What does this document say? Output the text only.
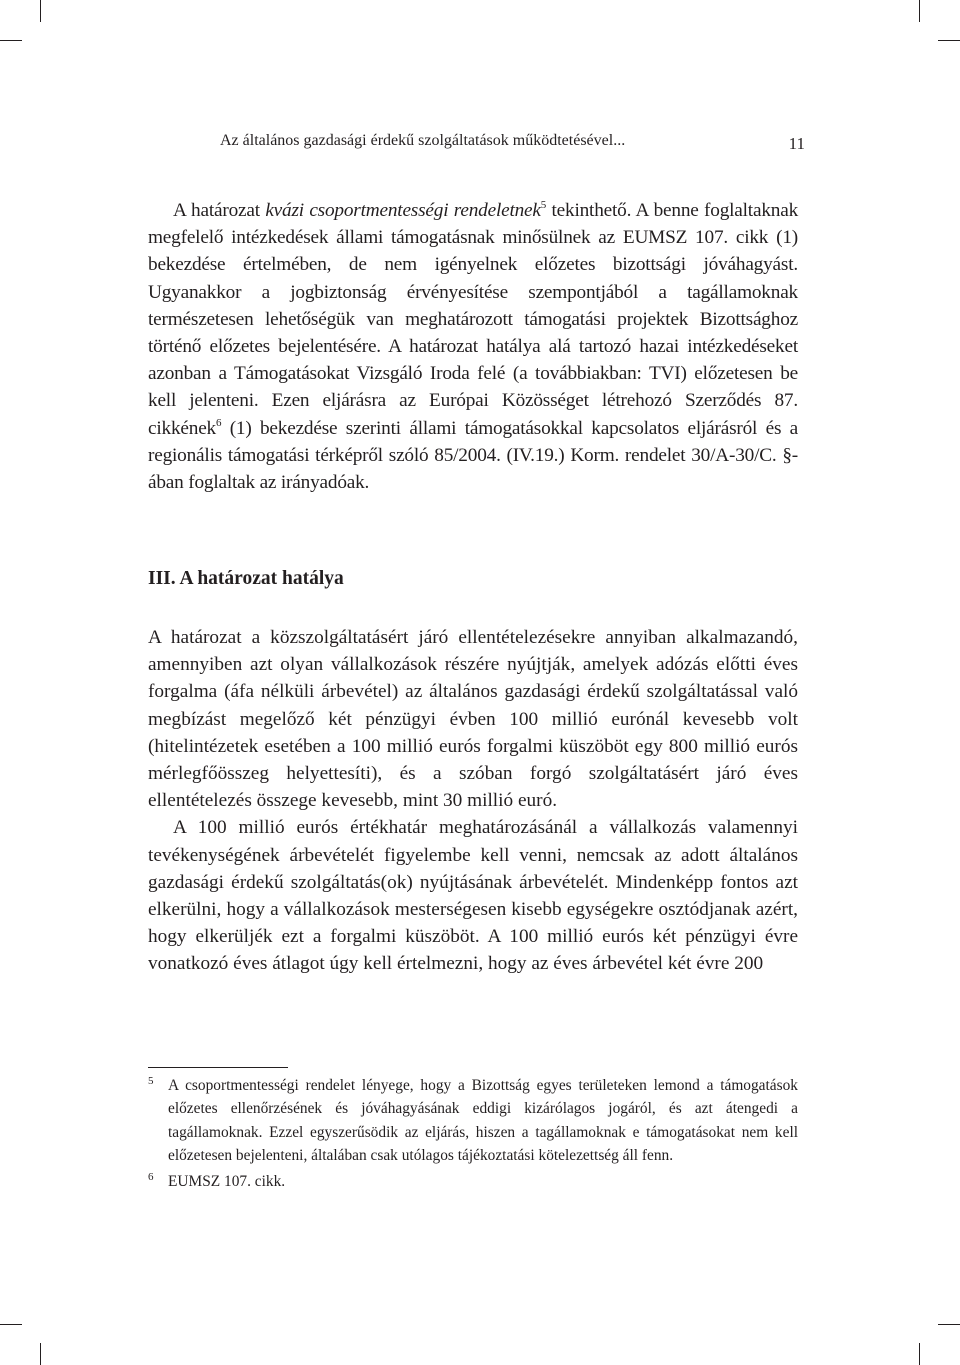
Az általános gazdasági érdekű szolgáltatások működtetésével...	11

A határozat kvázi csoportmentességi rendeletnek$^5$ tekinthető. A benne foglaltaknak megfelelő intézkedések állami támogatásnak minősülnek az EUMSZ 107. cikk (1) bekezdése értelmében, de nem igényelnek előzetes bizottsági jóváhagyást. Ugyanakkor a jogbiztonság érvényesítése szempontjából a tagállamoknak természetesen lehetőségük van meghatározott támogatási projektek Bizottsághoz történő előzetes bejelentésére. A határozat hatálya alá tartozó hazai intézkedéseket azonban a Támogatásokat Vizsgáló Iroda felé (a továbbiakban: TVI) előzetesen be kell jelenteni. Ezen eljárásra az Európai Közösséget létrehozó Szerződés 87. cikkének$^6$ (1) bekezdése szerinti állami támogatásokkal kapcsolatos eljárásról és a regionális támogatási térképről szóló 85/2004. (IV.19.) Korm. rendelet 30/A-30/C. §-ában foglaltak az irányadóak.

III. A határozat hatálya

A határozat a közszolgáltatásért járó ellentételezésekre annyiban alkalmazandó, amennyiben azt olyan vállalkozások részére nyújtják, amelyek adózás előtti éves forgalma (áfa nélküli árbevétel) az általános gazdasági érdekű szolgáltatással való megbízást megelőző két pénzügyi évben 100 millió eurónál kevesebb volt (hitelintézetek esetében a 100 millió eurós forgalmi küszöböt egy 800 millió eurós mérlegfőösszeg helyettesíti), és a szóban forgó szolgáltatásért járó éves ellentételezés összege kevesebb, mint 30 millió euró.

A 100 millió eurós értékhatár meghatározásánál a vállalkozás valamennyi tevékenységének árbevételét figyelembe kell venni, nemcsak az adott általános gazdasági érdekű szolgáltatás(ok) nyújtásának árbevételét. Mindenképp fontos azt elkerülni, hogy a vállalkozások mesterségesen kisebb egységekre osztódjanak azért, hogy elkerüljék ezt a forgalmi küszöböt. A 100 millió eurós két pénzügyi évre vonatkozó éves átlagot úgy kell értelmezni, hogy az éves árbevétel két évre 200

5 A csoportmentességi rendelet lényege, hogy a Bizottság egyes területeken lemond a támogatások előzetes ellenőrzésének és jóváhagyásának eddigi kizárólagos jogáról, és azt átengedi a tagállamoknak. Ezzel egyszerűsödik az eljárás, hiszen a tagállamoknak e támogatásokat nem kell előzetesen bejelenteni, általában csak utólagos tájékoztatási kötelezettség áll fenn.

6 EUMSZ 107. cikk.
